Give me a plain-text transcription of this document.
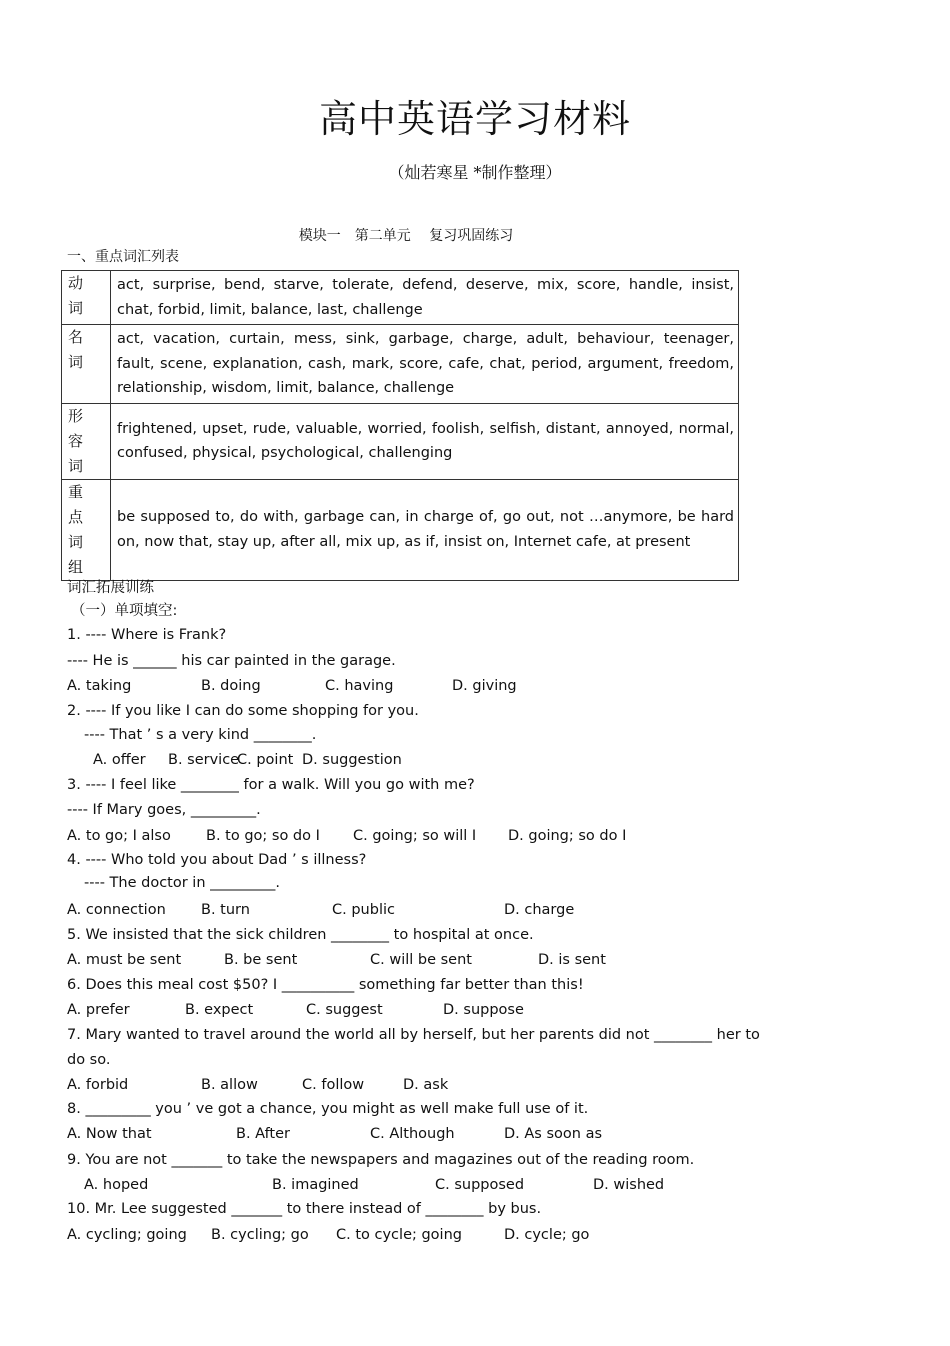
高中英语学习材料
（灿若寒星 *制作整理）
模块一　第二单元　 复习巩固练习
一、重点词汇列表
动
词	act, surprise, bend, starve, tolerate, defend, deserve, mix, score, handle, insist, chat, forbid, limit, balance, last, challenge

名
词	act, vacation, curtain, mess, sink, garbage, charge, adult, behaviour, teenager, fault, scene, explanation, cash, mark, score, cafe, chat, period, argument, freedom, relationship, wisdom, limit, balance, challenge

形
容
词	frightened, upset, rude, valuable, worried, foolish, selfish, distant, annoyed, normal, confused, physical, psychological, challenging

重
点
词
组	be supposed to, do with, garbage can, in charge of, go out, not …anymore, be hard on, now that, stay up, after all, mix up, as if, insist on, Internet cafe, at present
词汇拓展训练
（一）单项填空:
1. ---- Where is Frank?
---- He is ______ his car painted in the garage.
A. taking	B. doing	C. having	D. giving
2. ---- If you like I can do some shopping for you.
---- That ’ s a very kind ________.
A. offer B. service
C. point D. suggestion
3. ---- I feel like ________ for a walk. Will you go with me?
---- If Mary goes, _________.
A. to go; I also B. to go; so do I C. going; so will I D. going; so do I
4. ---- Who told you about Dad ’ s illness?
---- The doctor in _________.
A. connection B. turn	C. public	D. charge
5. We insisted that the sick children ________ to hospital at once.
A. must be sent	B. be sent	C. will be sent	D. is sent
6. Does this meal cost $50? I __________ something far better than this!
A. prefer	B. expect	C. suggest	D. suppose
7. Mary wanted to travel around the world all by herself, but her parents did not ________ her to
do so.
A. forbid	B. allow	C. follow	D. ask
8. _________ you ’ ve got a chance, you might as well make full use of it.
A. Now that	B. After	C. Although	D. As soon as
9. You are not _______ to take the newspapers and magazines out of the reading room.
A. hoped	B. imagined	C. supposed	D. wished
10. Mr. Lee suggested _______ to there instead of ________ by bus.
A. cycling; going B. cycling; go C. to cycle; going	D. cycle; go
